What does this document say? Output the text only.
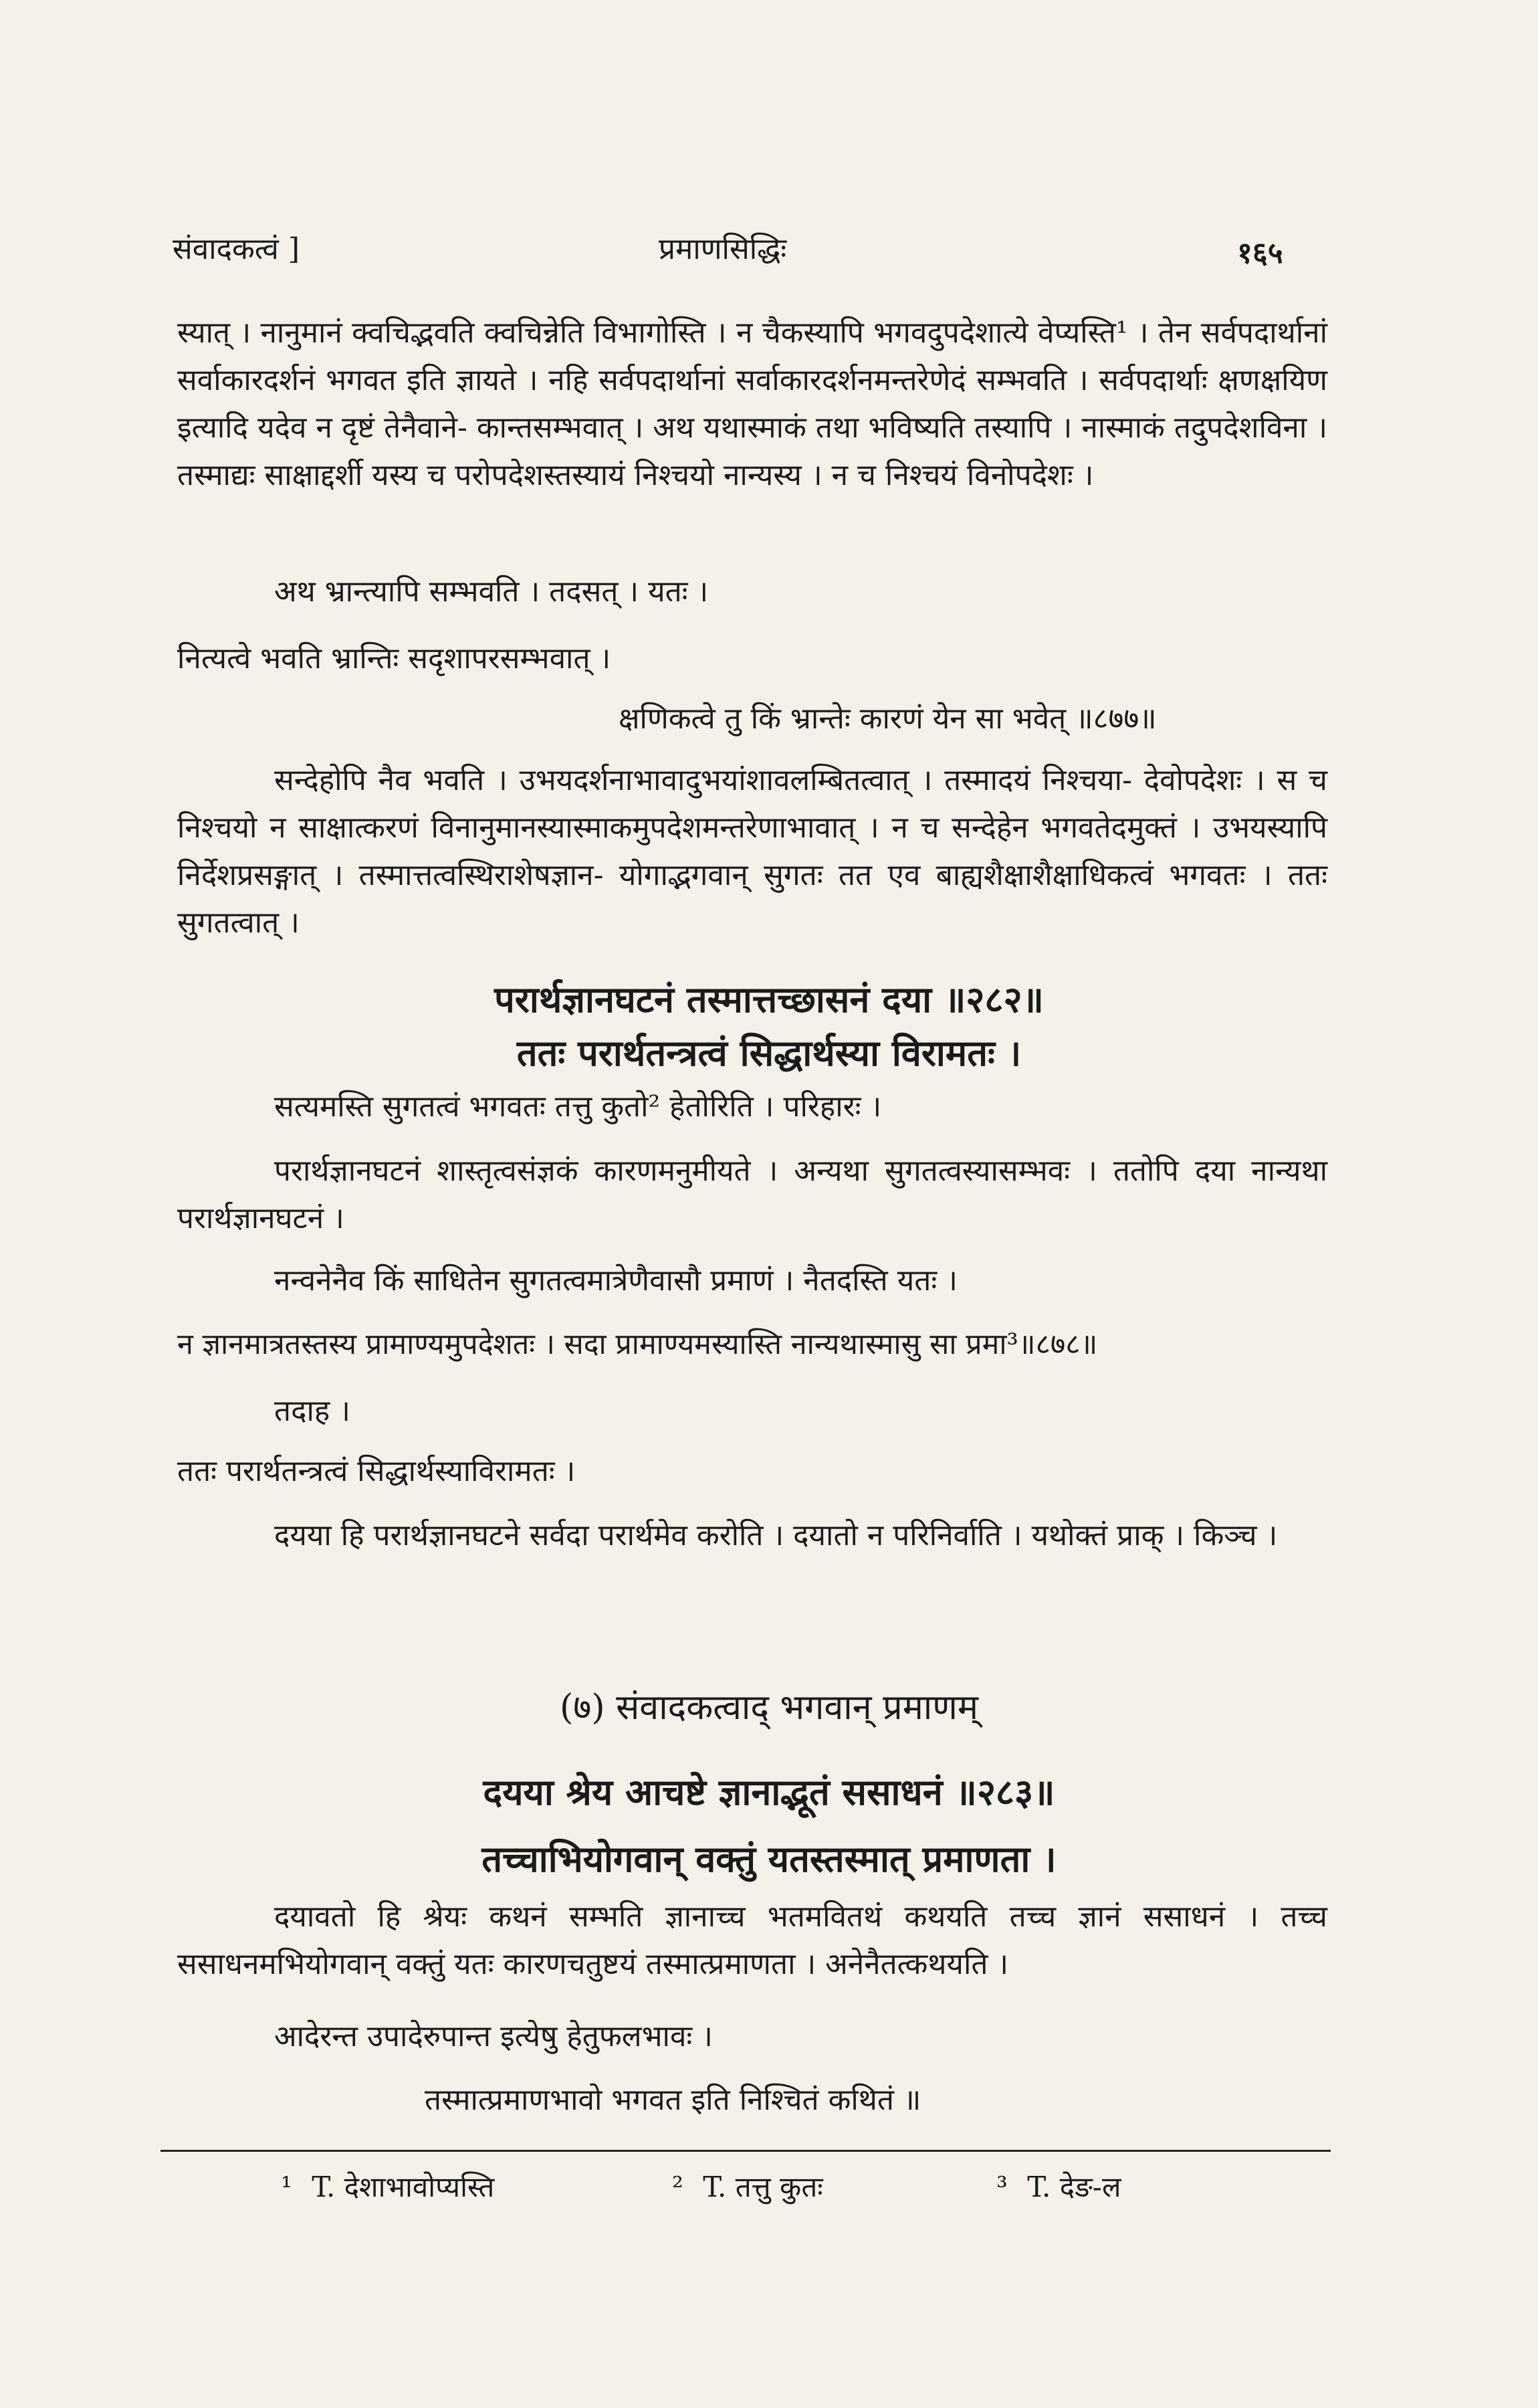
संवादकत्वं ]	प्रमाणसिद्धिः	१६५
स्यात् । नानुमानं क्वचिद्भवति क्वचिन्नेति विभागोस्ति । न चैकस्यापि भगवदुपदेशात्ये वेप्यस्ति¹ । तेन सर्वपदार्थानां सर्वाकारदर्शनं भगवत इति ज्ञायते । नहि सर्वपदार्थानां सर्वाकारदर्शनमन्तरेणेदं सम्भवति । सर्वपदार्थाः क्षणक्षयिण इत्यादि यदेव न दृष्टं तेनैवाने- कान्तसम्भवात् । अथ यथास्माकं तथा भविष्यति तस्यापि । नास्माकं तदुपदेशविना । तस्माद्यः साक्षाद्दर्शी यस्य च परोपदेशस्तस्यायं निश्चयो नान्यस्य । न च निश्चयं विनोपदेशः ।
अथ भ्रान्त्यापि सम्भवति । तदसत् । यतः ।
नित्यत्वे भवति भ्रान्तिः सदृशापरसम्भवात् ।
क्षणिकत्वे तु किं भ्रान्तेः कारणं येन सा भवेत् ॥८७७॥
सन्देहोपि नैव भवति । उभयदर्शनाभावादुभयांशावलम्बितत्वात् । तस्मादयं निश्चया- देवोपदेशः । स च निश्चयो न साक्षात्करणं विनानुमानस्यास्माकमुपदेशमन्तरेणाभावात् । न च सन्देहेन भगवतेदमुक्तं । उभयस्यापि निर्देशप्रसङ्गात् । तस्मात्तत्वस्थिराशेषज्ञान- योगाद्भगवान् सुगतः तत एव बाह्यशैक्षाशैक्षाधिकत्वं भगवतः । ततः सुगतत्वात् ।
परार्थज्ञानघटनं तस्मात्तच्छासनं दया ॥२८२॥
ततः परार्थतन्त्रत्वं सिद्धार्थस्या विरामतः ।
सत्यमस्ति सुगतत्वं भगवतः तत्तु कुतो² हेतोरिति । परिहारः ।
परार्थज्ञानघटनं शास्तृत्वसंज्ञकं कारणमनुमीयते । अन्यथा सुगतत्वस्यासम्भवः । ततोपि दया नान्यथा परार्थज्ञानघटनं ।
नन्वनेनैव किं साधितेन सुगतत्वमात्रेणैवासौ प्रमाणं । नैतदस्ति यतः ।
न ज्ञानमात्रतस्तस्य प्रामाण्यमुपदेशतः । सदा प्रामाण्यमस्यास्ति नान्यथास्मासु सा प्रमा³॥८७८॥
तदाह ।
ततः परार्थतन्त्रत्वं सिद्धार्थस्याविरामतः ।
दयया हि परार्थज्ञानघटने सर्वदा परार्थमेव करोति । दयातो न परिनिर्वाति । यथोक्तं प्राक् । किञ्च ।
(७) संवादकत्वाद् भगवान् प्रमाणम्
दयया श्रेय आचष्टे ज्ञानाद्भूतं ससाधनं ॥२८३॥
तच्चाभियोगवान् वक्तुं यतस्तस्मात् प्रमाणता ।
दयावतो हि श्रेयः कथनं सम्भति ज्ञानाच्च भतमवितथं कथयति तच्च ज्ञानं ससाधनं । तच्च ससाधनमभियोगवान् वक्तुं यतः कारणचतुष्टयं तस्मात्प्रमाणता । अनेनैतत्कथयति ।
आदेरन्त उपादेरुपान्त इत्येषु हेतुफलभावः ।
तस्मात्प्रमाणभावो भगवत इति निश्चितं कथितं ॥
¹ T. देशाभावोप्यस्ति	² T. तत्तु कुतः	³ T. देङ-ल
